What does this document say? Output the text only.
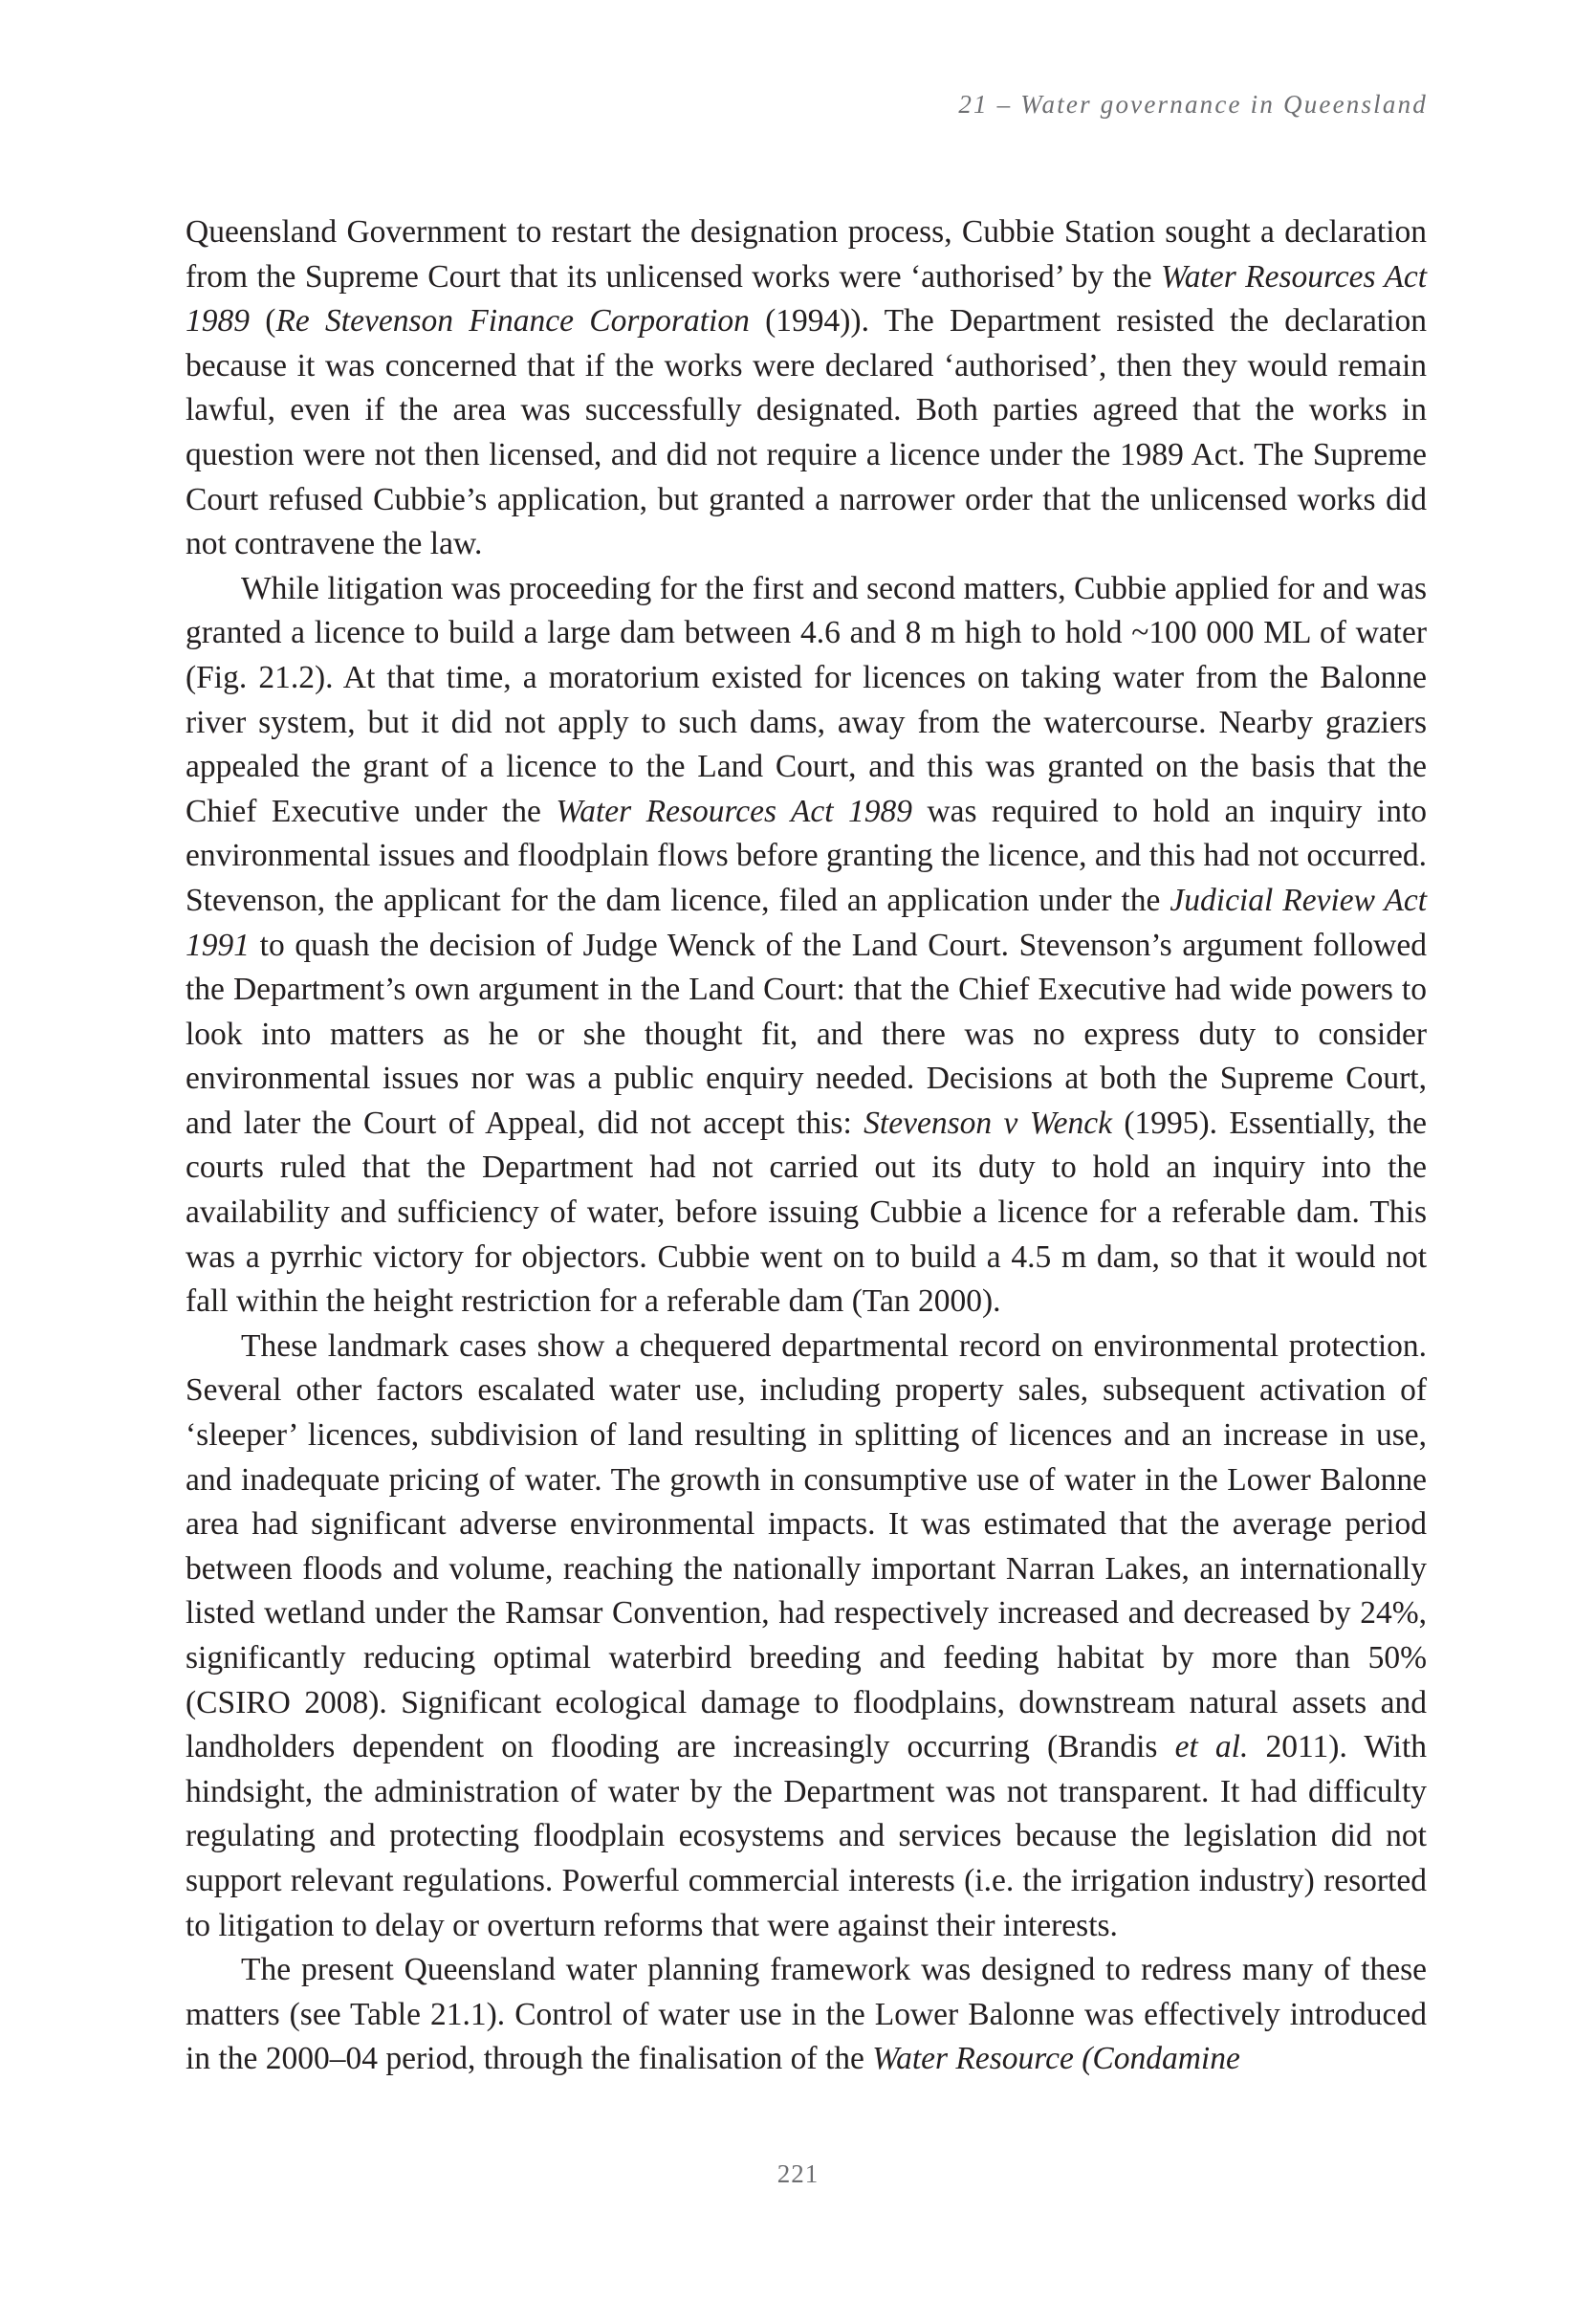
21 – Water governance in Queensland

Queensland Government to restart the designation process, Cubbie Station sought a declaration from the Supreme Court that its unlicensed works were ‘authorised’ by the Water Resources Act 1989 (Re Stevenson Finance Corporation (1994)). The Department resisted the declaration because it was concerned that if the works were declared ‘authorised’, then they would remain lawful, even if the area was successfully designated. Both parties agreed that the works in question were not then licensed, and did not require a licence under the 1989 Act. The Supreme Court refused Cubbie’s application, but granted a narrower order that the unlicensed works did not contravene the law.

While litigation was proceeding for the first and second matters, Cubbie applied for and was granted a licence to build a large dam between 4.6 and 8 m high to hold ~100 000 ML of water (Fig. 21.2). At that time, a moratorium existed for licences on taking water from the Balonne river system, but it did not apply to such dams, away from the watercourse. Nearby graziers appealed the grant of a licence to the Land Court, and this was granted on the basis that the Chief Executive under the Water Resources Act 1989 was required to hold an inquiry into environmental issues and floodplain flows before granting the licence, and this had not occurred. Stevenson, the applicant for the dam licence, filed an application under the Judicial Review Act 1991 to quash the decision of Judge Wenck of the Land Court. Stevenson’s argument followed the Department’s own argument in the Land Court: that the Chief Executive had wide powers to look into matters as he or she thought fit, and there was no express duty to consider environmental issues nor was a public enquiry needed. Decisions at both the Supreme Court, and later the Court of Appeal, did not accept this: Stevenson v Wenck (1995). Essentially, the courts ruled that the Department had not carried out its duty to hold an inquiry into the availability and sufficiency of water, before issuing Cubbie a licence for a referable dam. This was a pyrrhic victory for objectors. Cubbie went on to build a 4.5 m dam, so that it would not fall within the height restriction for a referable dam (Tan 2000).

These landmark cases show a chequered departmental record on environmental protection. Several other factors escalated water use, including property sales, subsequent activation of ‘sleeper’ licences, subdivision of land resulting in splitting of licences and an increase in use, and inadequate pricing of water. The growth in consumptive use of water in the Lower Balonne area had significant adverse environmental impacts. It was estimated that the average period between floods and volume, reaching the nationally important Narran Lakes, an internationally listed wetland under the Ramsar Convention, had respectively increased and decreased by 24%, significantly reducing optimal waterbird breeding and feeding habitat by more than 50% (CSIRO 2008). Significant ecological damage to floodplains, downstream natural assets and landholders dependent on flooding are increasingly occurring (Brandis et al. 2011). With hindsight, the administration of water by the Department was not transparent. It had difficulty regulating and protecting floodplain ecosystems and services because the legislation did not support relevant regulations. Powerful commercial interests (i.e. the irrigation industry) resorted to litigation to delay or overturn reforms that were against their interests.

The present Queensland water planning framework was designed to redress many of these matters (see Table 21.1). Control of water use in the Lower Balonne was effectively introduced in the 2000–04 period, through the finalisation of the Water Resource (Condamine

221
